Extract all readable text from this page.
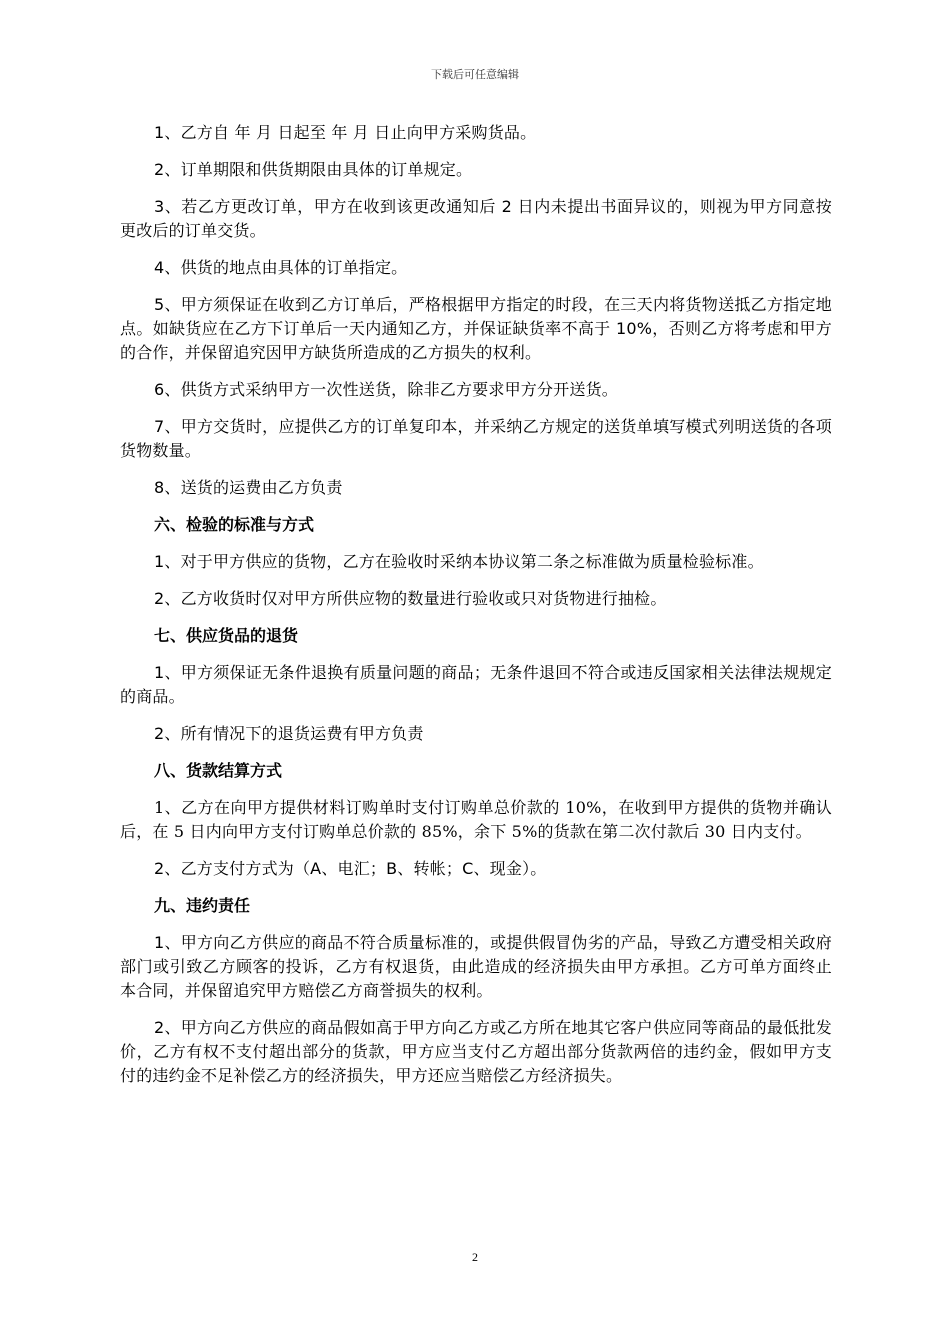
下载后可任意编辑

1、乙方自 年 月 日起至 年 月 日止向甲方采购货品。

2、订单期限和供货期限由具体的订单规定。

3、若乙方更改订单，甲方在收到该更改通知后 2 日内未提出书面异议的，则视为甲方同意按更改后的订单交货。

4、供货的地点由具体的订单指定。

5、甲方须保证在收到乙方订单后，严格根据甲方指定的时段，在三天内将货物送抵乙方指定地点。如缺货应在乙方下订单后一天内通知乙方，并保证缺货率不高于 10%，否则乙方将考虑和甲方的合作，并保留追究因甲方缺货所造成的乙方损失的权利。

6、供货方式采纳甲方一次性送货，除非乙方要求甲方分开送货。

7、甲方交货时，应提供乙方的订单复印本，并采纳乙方规定的送货单填写模式列明送货的各项货物数量。

8、送货的运费由乙方负责

六、检验的标准与方式

1、对于甲方供应的货物，乙方在验收时采纳本协议第二条之标准做为质量检验标准。

2、乙方收货时仅对甲方所供应物的数量进行验收或只对货物进行抽检。

七、供应货品的退货

1、甲方须保证无条件退换有质量问题的商品；无条件退回不符合或违反国家相关法律法规规定的商品。

2、所有情况下的退货运费有甲方负责

八、货款结算方式

1、乙方在向甲方提供材料订购单时支付订购单总价款的 10%，在收到甲方提供的货物并确认后，在 5 日内向甲方支付订购单总价款的 85%，余下 5%的货款在第二次付款后 30 日内支付。

2、乙方支付方式为（A、电汇；B、转帐；C、现金）。

九、违约责任

1、甲方向乙方供应的商品不符合质量标准的，或提供假冒伪劣的产品，导致乙方遭受相关政府部门或引致乙方顾客的投诉，乙方有权退货，由此造成的经济损失由甲方承担。乙方可单方面终止本合同，并保留追究甲方赔偿乙方商誉损失的权利。

2、甲方向乙方供应的商品假如高于甲方向乙方或乙方所在地其它客户供应同等商品的最低批发价，乙方有权不支付超出部分的货款，甲方应当支付乙方超出部分货款两倍的违约金，假如甲方支付的违约金不足补偿乙方的经济损失，甲方还应当赔偿乙方经济损失。

2
